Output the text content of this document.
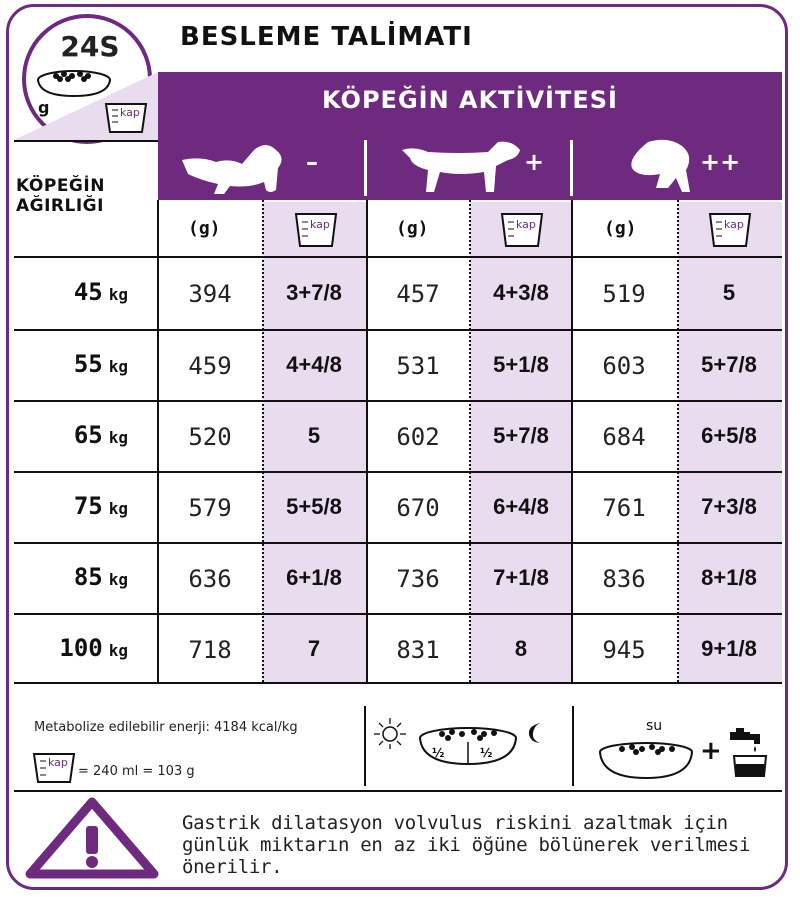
24S BESLEME TALİMATI
g	kap	KÖPEĞİN AKTİVİTESİ
–	+	++
KÖPEĞİN
AĞIRLIĞI
(g)	(g)	(g)
kap	kap	kap
45 kg	394	3+7/8	457	4+3/8	519	5
55 kg	459	4+4/8	531	5+1/8	603	5+7/8
65 kg	520	5	602	5+7/8	684	6+5/8
75 kg	579	5+5/8	670	6+4/8	761	7+3/8
85 kg	636	6+1/8	736	7+1/8	836	8+1/8
100 kg	718	7	831	8	945	9+1/8
Metabolize edilebilir enerji: 4184 kcal/kg
kap
= 240 ml = 103 g
½	½
su
+
Gastrik dilatasyon volvulus riskini azaltmak için günlük miktarın en az iki öğüne bölünerek verilmesi önerilir.
